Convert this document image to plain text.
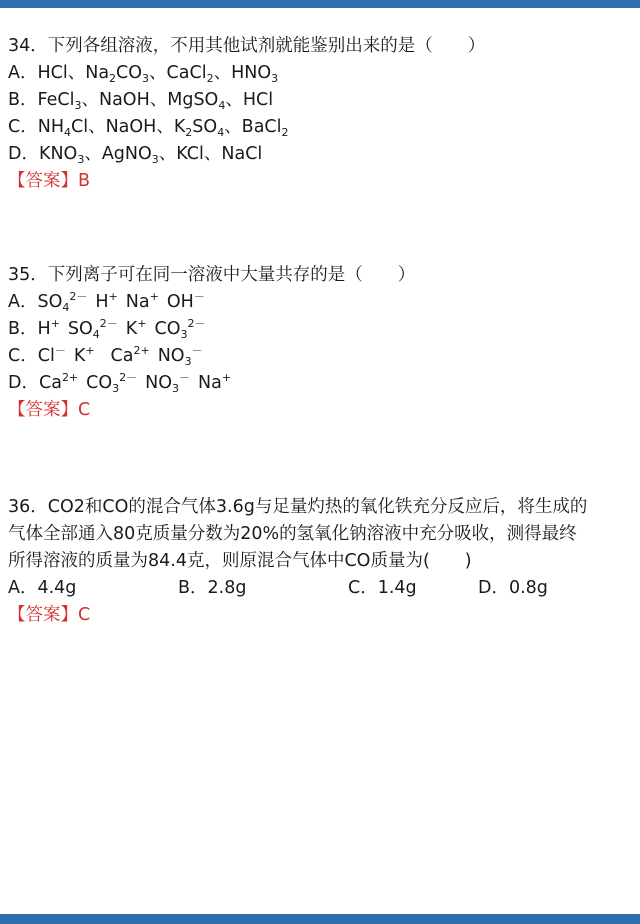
34．下列各组溶液，不用其他试剂就能鉴别出来的是（　　）
A．HCl、$Na_2CO_3$、CaCl$_2$、$HNO_3$
B．FeCl$_3$、NaOH、MgSO$_4$、HCl
C．$NH_4Cl$、NaOH、$K_2SO_4$、BaCl$_2$
D．$KNO_3$、AgNO$_3$、KCl、NaCl
【答案】B
35．下列离子可在同一溶液中大量共存的是（　　）
A．$SO_4^{2-}$ H+ Na+ OH－
B．H+ $SO_4^{2-}$ K+ $CO_3^{2-}$
C．Cl－ K+ $Ca^{2+}$ $NO_3^-$
D．$Ca^{2+}$ $CO_3^{2-}$ $NO_3^-$ Na+
【答案】C
36．CO2和CO的混合气体3.6g与足量灼热的氧化铁充分反应后，将生成的
气体全部通入80克质量分数为20%的氢氧化钠溶液中充分吸收，测得最终
所得溶液的质量为84.4克，则原混合气体中CO质量为(　　)
A．4.4g	B．2.8g	C．1.4g	D．0.8g
【答案】C
